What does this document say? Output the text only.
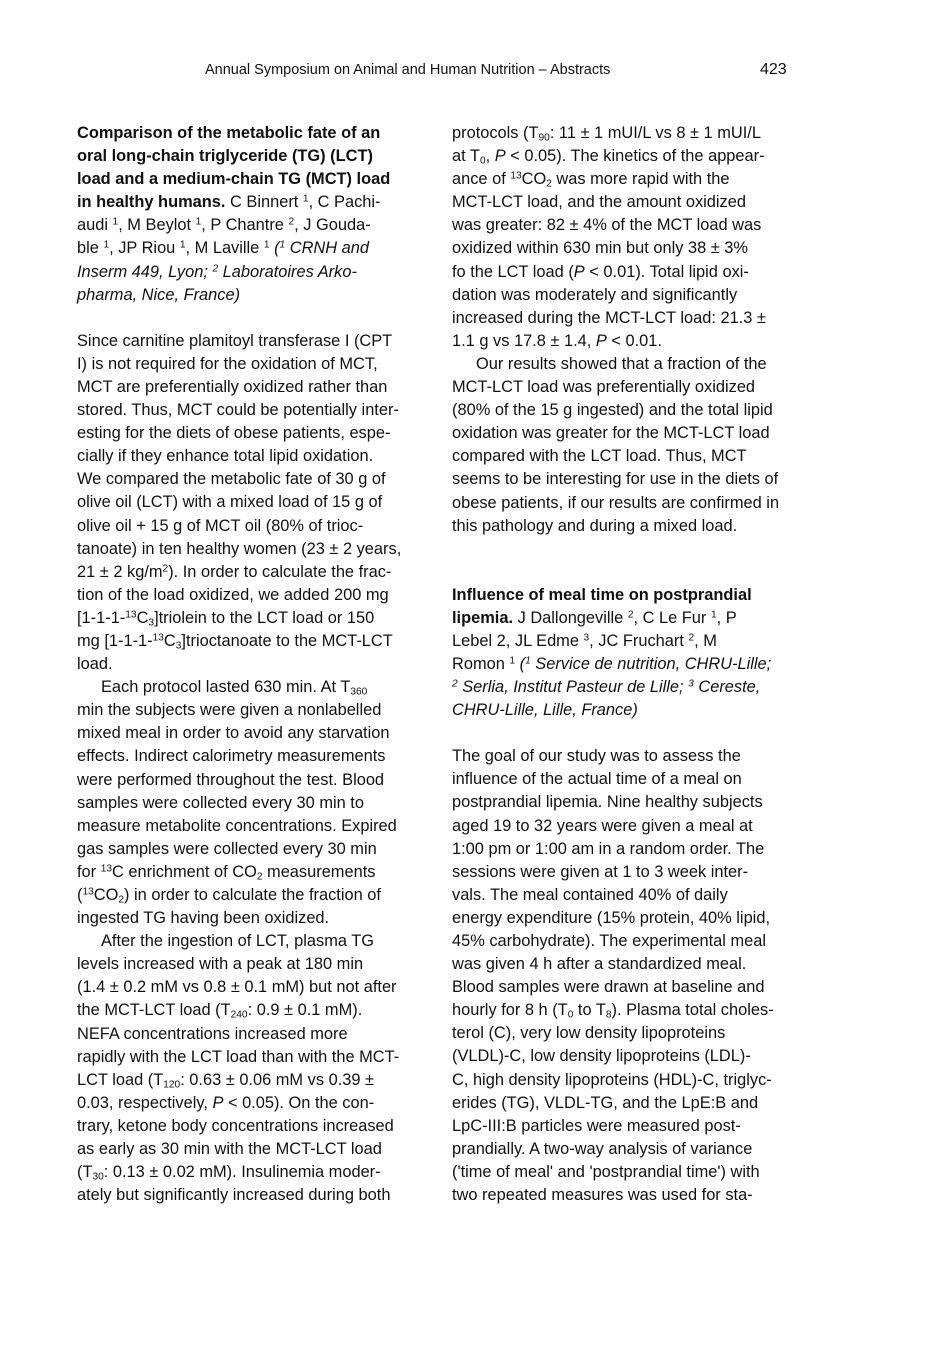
Annual Symposium on Animal and Human Nutrition – Abstracts	423
Comparison of the metabolic fate of an
oral long-chain triglyceride (TG) (LCT)
load and a medium-chain TG (MCT) load
in healthy humans. C Binnert $^1$, C Pachi-
audi $^1$, M Beylot $^1$, P Chantre $^2$, J Gouda-
ble $^1$, JP Riou $^1$, M Laville $^1$ ($^1$ CRNH and
Inserm 449, Lyon; $^2$ Laboratoires Arko-
pharma, Nice, France)
Since carnitine plamitoyl transferase I (CPT
I) is not required for the oxidation of MCT,
MCT are preferentially oxidized rather than
stored. Thus, MCT could be potentially inter-
esting for the diets of obese patients, espe-
cially if they enhance total lipid oxidation.
We compared the metabolic fate of 30 g of
olive oil (LCT) with a mixed load of 15 g of
olive oil + 15 g of MCT oil (80% of trioc-
tanoate) in ten healthy women (23 ± 2 years,
21 ± 2 $kg/m^2$). In order to calculate the frac-
tion of the load oxidized, we added 200 mg
$[1-1-1-^{13}C_3]triolein$ to the LCT load or 150
mg $[1-1-1-^{13}C_3]trioctanoate$ to the MCT-LCT
load.
Each protocol lasted 630 min. At $T_{360}$
min the subjects were given a nonlabelled
mixed meal in order to avoid any starvation
effects. Indirect calorimetry measurements
were performed throughout the test. Blood
samples were collected every 30 min to
measure metabolite concentrations. Expired
gas samples were collected every 30 min
for $^{13}$C enrichment of $CO_2$ measurements
$(^{13}CO_2)$ in order to calculate the fraction of
ingested TG having been oxidized.
After the ingestion of LCT, plasma TG
levels increased with a peak at 180 min
(1.4 ± 0.2 mM vs 0.8 ± 0.1 mM) but not after
the MCT-LCT load ($T_{240}$: 0.9 ± 0.1 mM).
NEFA concentrations increased more
rapidly with the LCT load than with the MCT-
LCT load ($T_{120}$: 0.63 ± 0.06 mM vs 0.39 ±
0.03, respectively, P < 0.05). On the con-
trary, ketone body concentrations increased
as early as 30 min with the MCT-LCT load
($T_{30}$: 0.13 ± 0.02 mM). Insulinemia moder-
ately but significantly increased during both
protocols ($T_{90}$: 11 ± 1 mUI/L vs 8 ± 1 mUI/L
at $T_0$, P < 0.05). The kinetics of the appear-
ance of $^{13}CO_2$ was more rapid with the
MCT-LCT load, and the amount oxidized
was greater: 82 ± 4% of the MCT load was
oxidized within 630 min but only 38 ± 3%
fo the LCT load (P < 0.01). Total lipid oxi-
dation was moderately and significantly
increased during the MCT-LCT load: 21.3 ±
1.1 g vs 17.8 ± 1.4, P < 0.01.
Our results showed that a fraction of the
MCT-LCT load was preferentially oxidized
(80% of the 15 g ingested) and the total lipid
oxidation was greater for the MCT-LCT load
compared with the LCT load. Thus, MCT
seems to be interesting for use in the diets of
obese patients, if our results are confirmed in
this pathology and during a mixed load.
Influence of meal time on postprandial
lipemia. J Dallongeville $^2$, C Le Fur $^1$, P
Lebel 2, JL Edme $^3$, JC Fruchart $^2$, M
Romon $^1$ ($^1$ Service de nutrition, CHRU-Lille;
$^2$ Serlia, Institut Pasteur de Lille; $^3$ Cereste,
CHRU-Lille, Lille, France)
The goal of our study was to assess the
influence of the actual time of a meal on
postprandial lipemia. Nine healthy subjects
aged 19 to 32 years were given a meal at
1:00 pm or 1:00 am in a random order. The
sessions were given at 1 to 3 week inter-
vals. The meal contained 40% of daily
energy expenditure (15% protein, 40% lipid,
45% carbohydrate). The experimental meal
was given 4 h after a standardized meal.
Blood samples were drawn at baseline and
hourly for 8 h ($T_0$ to $T_8$). Plasma total choles-
terol (C), very low density lipoproteins
(VLDL)-C, low density lipoproteins (LDL)-
C, high density lipoproteins (HDL)-C, triglyc-
erides (TG), VLDL-TG, and the LpE:B and
LpC-III:B particles were measured post-
prandially. A two-way analysis of variance
('time of meal' and 'postprandial time') with
two repeated measures was used for sta-
